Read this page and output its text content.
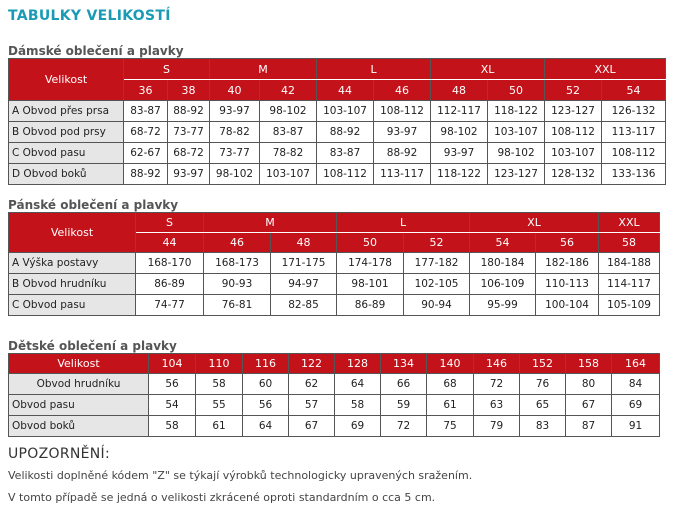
TABULKY VELIKOSTÍ
Dámské oblečení a plavky
Velikost	S		M		L		XL		XXL	
	36	38	40	42	44	46	48	50	52	54
A Obvod přes prsa	83-87	88-92	93-97	98-102	103-107	108-112	112-117	118-122	123-127	126-132
B Obvod pod prsy	68-72	73-77	78-82	83-87	88-92	93-97	98-102	103-107	108-112	113-117
C Obvod pasu	62-67	68-72	73-77	78-82	83-87	88-92	93-97	98-102	103-107	108-112
D Obvod boků	88-92	93-97	98-102	103-107	108-112	113-117	118-122	123-127	128-132	133-136
Pánské oblečení a plavky
Velikost	S	M		L		XL		XXL
	44	46	48	50	52	54	56	58
A Výška postavy	168-170	168-173	171-175	174-178	177-182	180-184	182-186	184-188
B Obvod hrudníku	86-89	90-93	94-97	98-101	102-105	106-109	110-113	114-117
C Obvod pasu	74-77	76-81	82-85	86-89	90-94	95-99	100-104	105-109
Dětské oblečení a plavky
Velikost	104	110	116	122	128	134	140	146	152	158	164
Obvod hrudníku	56	58	60	62	64	66	68	72	76	80	84
Obvod pasu	54	55	56	57	58	59	61	63	65	67	69
Obvod boků	58	61	64	67	69	72	75	79	83	87	91
UPOZORNĚNÍ:
Velikosti doplněné kódem "Z" se týkají výrobků technologicky upravených sražením.
V tomto případě se jedná o velikosti zkrácené oproti standardním o cca 5 cm.
